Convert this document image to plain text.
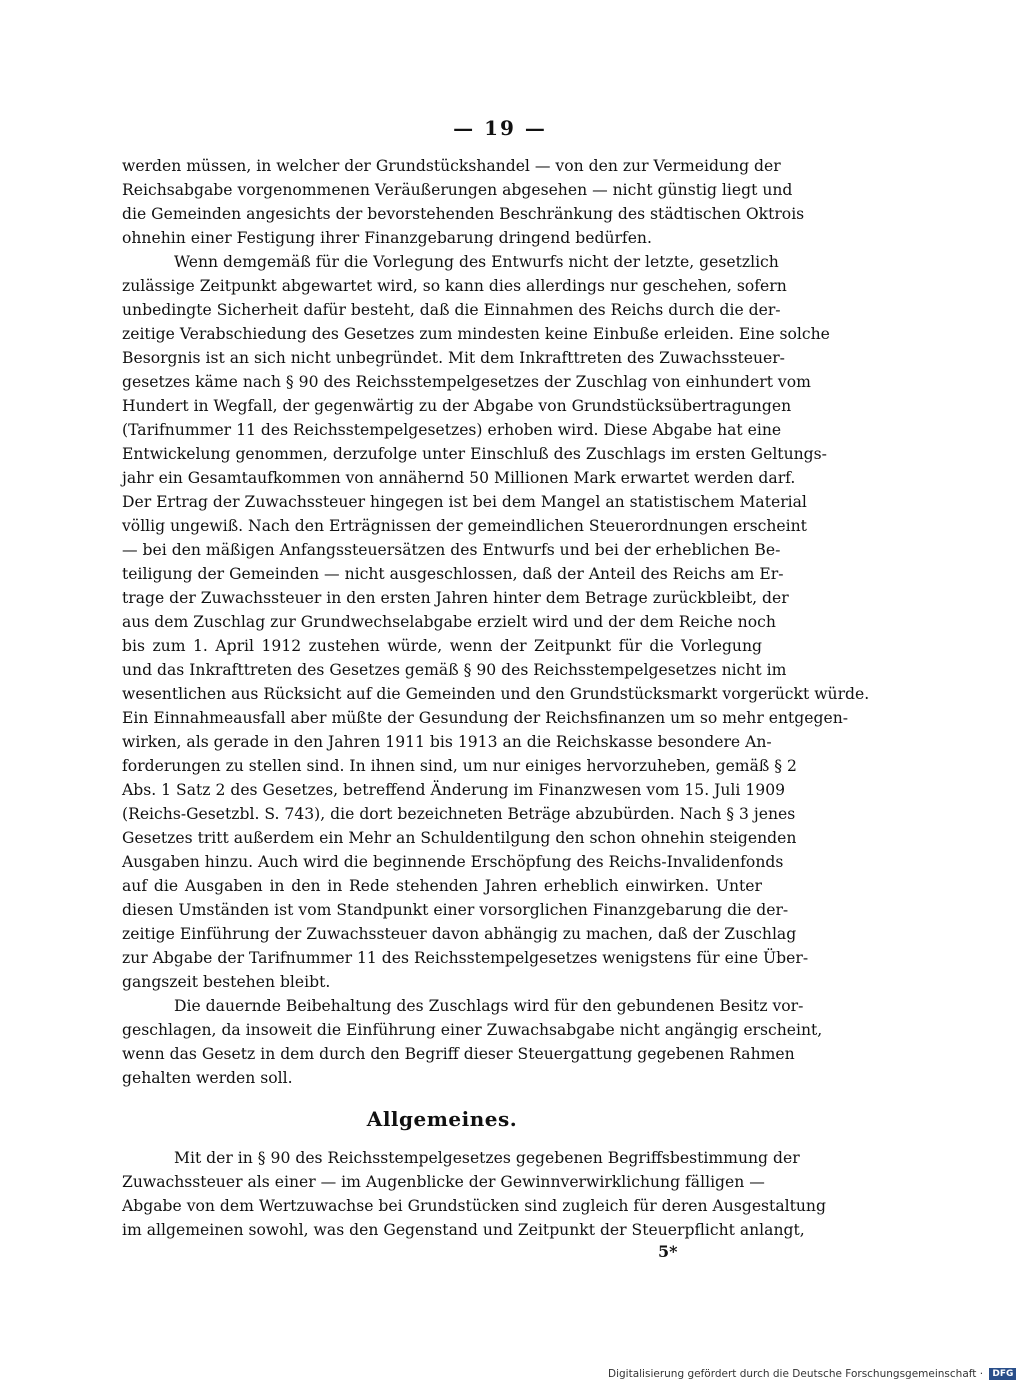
— 19 —
werden müssen, in welcher der Grundstückshandel — von den zur Vermeidung der
Reichsabgabe vorgenommenen Veräußerungen abgesehen — nicht günstig liegt und
die Gemeinden angesichts der bevorstehenden Beschränkung des städtischen Oktrois
ohnehin einer Festigung ihrer Finanzgebarung dringend bedürfen.
Wenn demgemäß für die Vorlegung des Entwurfs nicht der letzte, gesetzlich
zulässige Zeitpunkt abgewartet wird, so kann dies allerdings nur geschehen, sofern
unbedingte Sicherheit dafür besteht, daß die Einnahmen des Reichs durch die der-
zeitige Verabschiedung des Gesetzes zum mindesten keine Einbuße erleiden. Eine solche
Besorgnis ist an sich nicht unbegründet. Mit dem Inkrafttreten des Zuwachssteuer-
gesetzes käme nach § 90 des Reichsstempelgesetzes der Zuschlag von einhundert vom
Hundert in Wegfall, der gegenwärtig zu der Abgabe von Grundstücksübertragungen
(Tarifnummer 11 des Reichsstempelgesetzes) erhoben wird. Diese Abgabe hat eine
Entwickelung genommen, derzufolge unter Einschluß des Zuschlags im ersten Geltungs-
jahr ein Gesamtaufkommen von annähernd 50 Millionen Mark erwartet werden darf.
Der Ertrag der Zuwachssteuer hingegen ist bei dem Mangel an statistischem Material
völlig ungewiß. Nach den Erträgnissen der gemeindlichen Steuerordnungen erscheint
— bei den mäßigen Anfangssteuersätzen des Entwurfs und bei der erheblichen Be-
teiligung der Gemeinden — nicht ausgeschlossen, daß der Anteil des Reichs am Er-
trage der Zuwachssteuer in den ersten Jahren hinter dem Betrage zurückbleibt, der
aus dem Zuschlag zur Grundwechselabgabe erzielt wird und der dem Reiche noch
bis zum 1. April 1912 zustehen würde, wenn der Zeitpunkt für die Vorlegung
und das Inkrafttreten des Gesetzes gemäß § 90 des Reichsstempelgesetzes nicht im
wesentlichen aus Rücksicht auf die Gemeinden und den Grundstücksmarkt vorgerückt würde.
Ein Einnahmeausfall aber müßte der Gesundung der Reichsfinanzen um so mehr entgegen-
wirken, als gerade in den Jahren 1911 bis 1913 an die Reichskasse besondere An-
forderungen zu stellen sind. In ihnen sind, um nur einiges hervorzuheben, gemäß § 2
Abs. 1 Satz 2 des Gesetzes, betreffend Änderung im Finanzwesen vom 15. Juli 1909
(Reichs-Gesetzbl. S. 743), die dort bezeichneten Beträge abzubürden. Nach § 3 jenes
Gesetzes tritt außerdem ein Mehr an Schuldentilgung den schon ohnehin steigenden
Ausgaben hinzu. Auch wird die beginnende Erschöpfung des Reichs-Invalidenfonds
auf die Ausgaben in den in Rede stehenden Jahren erheblich einwirken. Unter
diesen Umständen ist vom Standpunkt einer vorsorglichen Finanzgebarung die der-
zeitige Einführung der Zuwachssteuer davon abhängig zu machen, daß der Zuschlag
zur Abgabe der Tarifnummer 11 des Reichsstempelgesetzes wenigstens für eine Über-
gangszeit bestehen bleibt.
Die dauernde Beibehaltung des Zuschlags wird für den gebundenen Besitz vor-
geschlagen, da insoweit die Einführung einer Zuwachsabgabe nicht angängig erscheint,
wenn das Gesetz in dem durch den Begriff dieser Steuergattung gegebenen Rahmen
gehalten werden soll.
Allgemeines.
Mit der in § 90 des Reichsstempelgesetzes gegebenen Begriffsbestimmung der
Zuwachssteuer als einer — im Augenblicke der Gewinnverwirklichung fälligen —
Abgabe von dem Wertzuwachse bei Grundstücken sind zugleich für deren Ausgestaltung
im allgemeinen sowohl, was den Gegenstand und Zeitpunkt der Steuerpflicht anlangt,
5*
Digitalisierung gefördert durch die Deutsche Forschungsgemeinschaft · DFG
